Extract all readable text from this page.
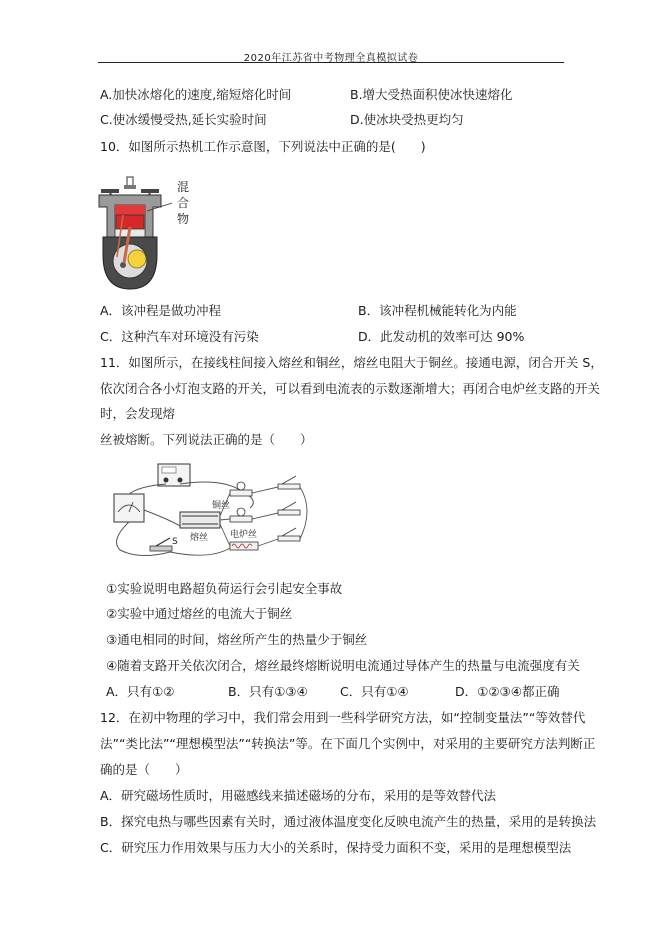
2020年江苏省中考物理全真模拟试卷
A.加快冰熔化的速度,缩短熔化时间	B.增大受热面积使冰快速熔化
C.使冰缓慢受热,延长实验时间	D.使冰块受热更均匀
10．如图所示热机工作示意图，下列说法中正确的是(　　)
混
合
物
A．该冲程是做功冲程	B．该冲程机械能转化为内能
C．这种汽车对环境没有污染	D．此发动机的效率可达 90%
11．如图所示，在接线柱间接入熔丝和铜丝，熔丝电阻大于铜丝。接通电源，闭合开关 S，
依次闭合各小灯泡支路的开关，可以看到电流表的示数逐渐增大；再闭合电炉丝支路的开关
时，会发现熔
丝被熔断。下列说法正确的是（　　）
铜丝
熔丝
S
电炉丝
①实验说明电路超负荷运行会引起安全事故
②实验中通过熔丝的电流大于铜丝
③通电相同的时间，熔丝所产生的热量少于铜丝
④随着支路开关依次闭合，熔丝最终熔断说明电流通过导体产生的热量与电流强度有关
A．只有①②	B．只有①③④	C．只有①④	D．①②③④都正确
12．在初中物理的学习中，我们常会用到一些科学研究方法，如“控制变量法”“等效替代
法”“类比法”“理想模型法”“转换法”等。在下面几个实例中，对采用的主要研究方法判断正
确的是（　　）
A．研究磁场性质时，用磁感线来描述磁场的分布，采用的是等效替代法
B．探究电热与哪些因素有关时，通过液体温度变化反映电流产生的热量，采用的是转换法
C．研究压力作用效果与压力大小的关系时，保持受力面积不变，采用的是理想模型法
